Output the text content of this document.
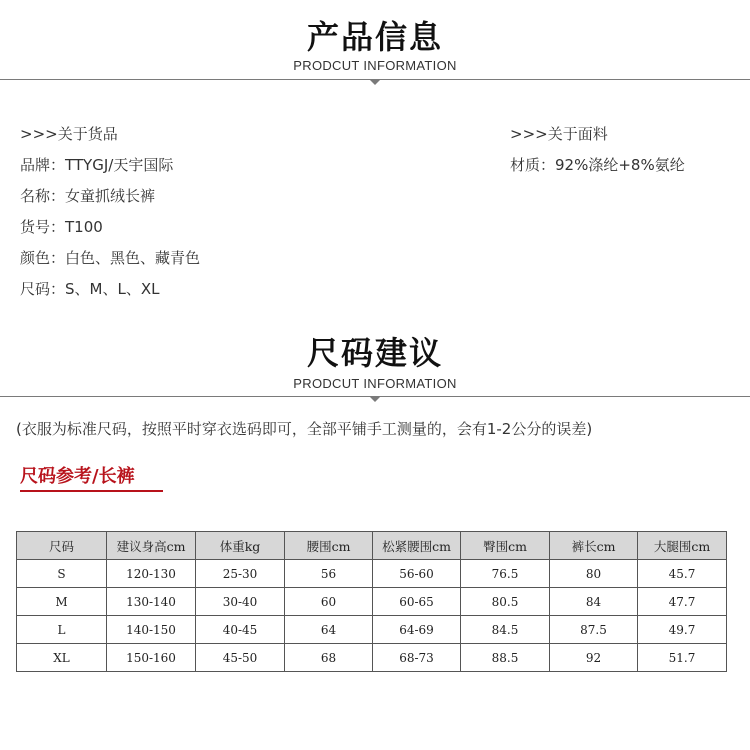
产品信息
PRODCUT INFORMATION
>>>关于货品
品牌：TTYGJ/天宇国际
名称：女童抓绒长裤
货号：T100
颜色：白色、黑色、藏青色
尺码：S、M、L、XL
>>>关于面料
材质：92%涤纶+8%氨纶
尺码建议
PRODCUT INFORMATION
(衣服为标准尺码，按照平时穿衣选码即可，全部平铺手工测量的，会有1-2公分的误差)
尺码参考/长裤
尺码	建议身高cm	体重kg	腰围cm	松紧腰围cm	臀围cm	裤长cm	大腿围cm
S	120-130	25-30	56	56-60	76.5	80	45.7
M	130-140	30-40	60	60-65	80.5	84	47.7
L	140-150	40-45	64	64-69	84.5	87.5	49.7
XL	150-160	45-50	68	68-73	88.5	92	51.7
